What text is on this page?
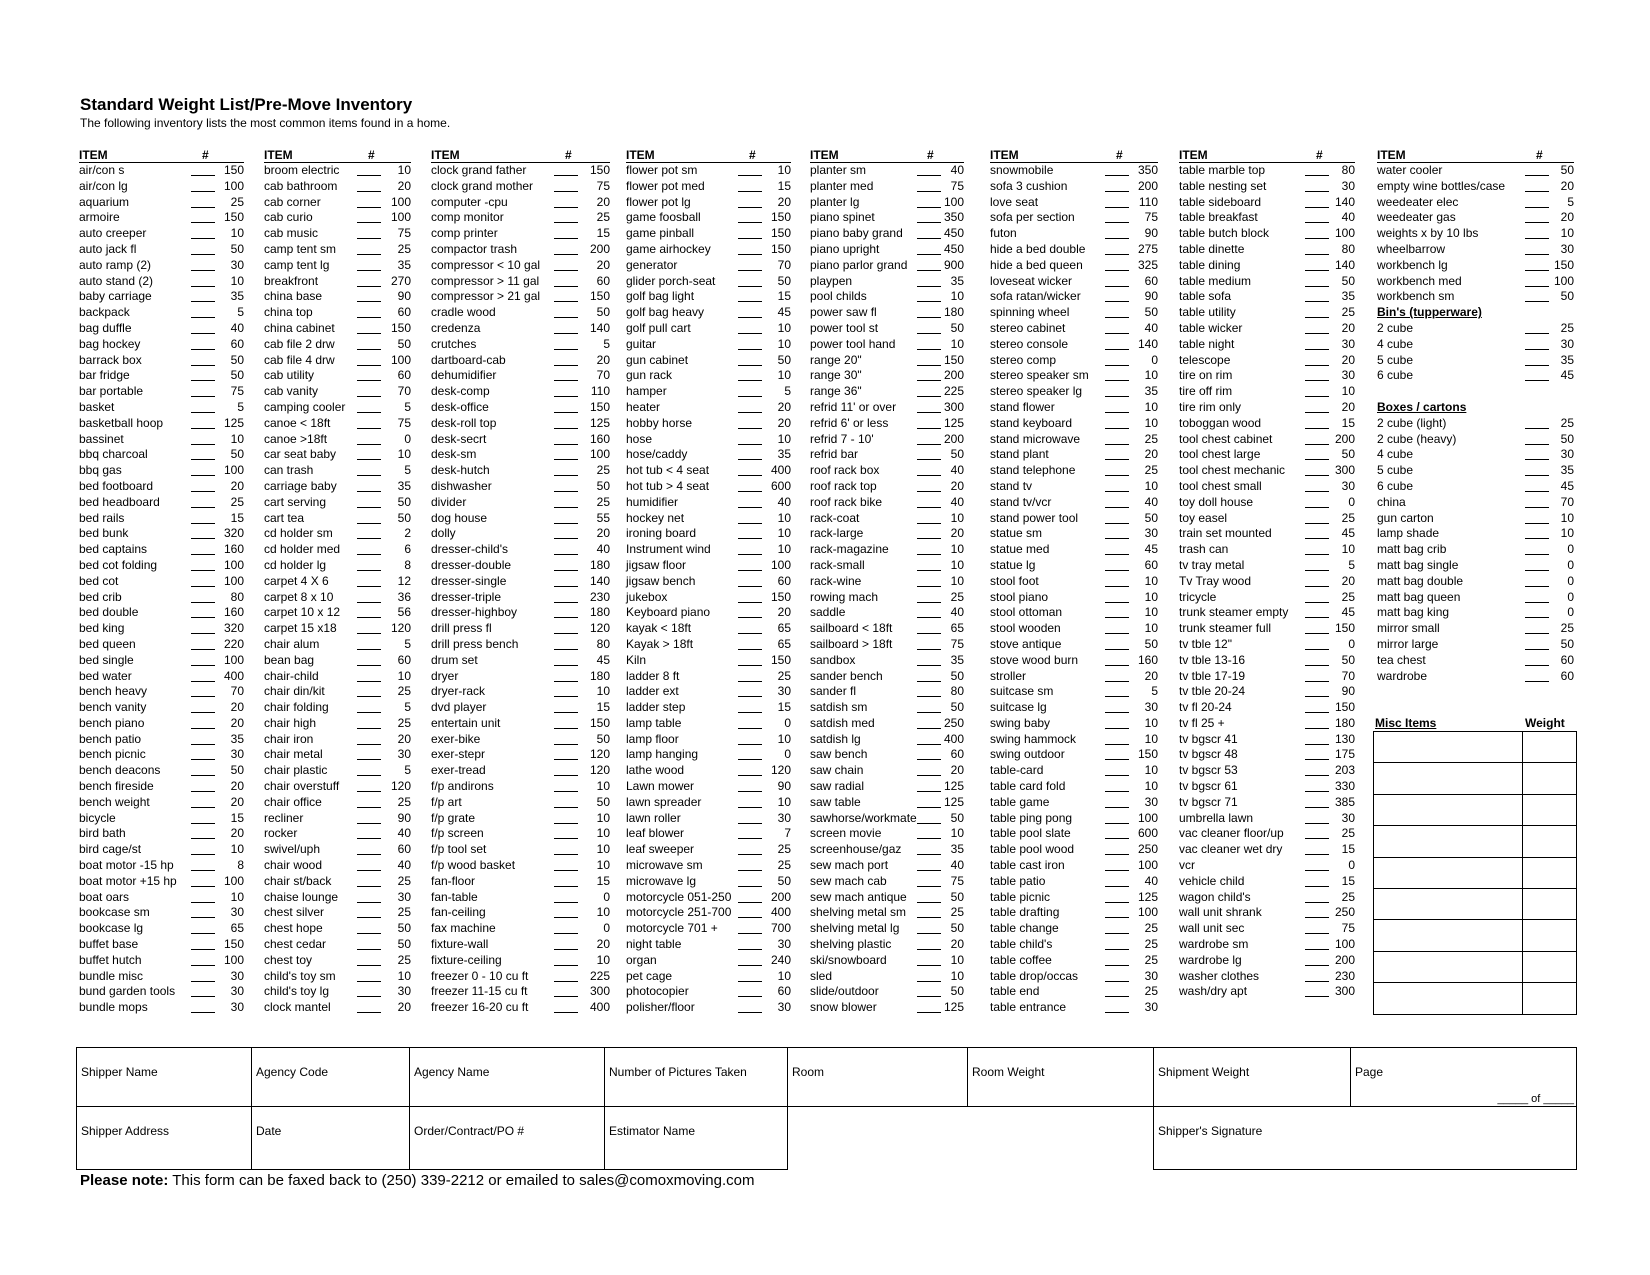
Standard Weight List/Pre-Move Inventory
The following inventory lists the most common items found in a home.
ITEM	#
air/con s	150
air/con lg	100
aquarium	25
armoire	150
auto creeper	10
auto jack fl	50
auto ramp (2)	30
auto stand (2)	10
baby carriage	35
backpack	5
bag duffle	40
bag hockey	60
barrack box	50
bar fridge	50
bar portable	75
basket	5
basketball hoop	125
bassinet	10
bbq charcoal	50
bbq gas	100
bed footboard	20
bed headboard	25
bed rails	15
bed bunk	320
bed captains	160
bed cot folding	100
bed cot	100
bed crib	80
bed double	160
bed king	320
bed queen	220
bed single	100
bed water	400
bench heavy	70
bench vanity	20
bench piano	20
bench patio	35
bench picnic	30
bench deacons	50
bench fireside	20
bench weight	20
bicycle	15
bird bath	20
bird cage/st	10
boat motor -15 hp	8
boat motor +15 hp	100
boat oars	10
bookcase sm	30
bookcase lg	65
buffet base	150
buffet hutch	100
bundle misc	30
bund garden tools	30
bundle mops	30
ITEM	#
broom electric	10
cab bathroom	20
cab corner	100
cab curio	100
cab music	75
camp tent sm	25
camp tent lg	35
breakfront	270
china base	90
china top	60
china cabinet	150
cab file 2 drw	50
cab file 4 drw	100
cab utility	60
cab vanity	70
camping cooler	5
canoe < 18ft	75
canoe >18ft	0
car seat baby	10
can trash	5
carriage baby	35
cart serving	50
cart tea	50
cd holder sm	2
cd holder med	6
cd holder lg	8
carpet 4 X 6	12
carpet 8 x 10	36
carpet 10 x 12	56
carpet 15 x18	120
chair alum	5
bean bag	60
chair-child	10
chair din/kit	25
chair folding	5
chair high	25
chair iron	20
chair metal	30
chair plastic	5
chair overstuff	120
chair office	25
recliner	90
rocker	40
swivel/uph	60
chair wood	40
chair st/back	25
chaise lounge	30
chest silver	25
chest hope	50
chest cedar	50
chest toy	25
child's toy sm	10
child's toy lg	30
clock mantel	20
ITEM	#
clock grand father	150
clock grand mother	75
computer -cpu	20
comp monitor	25
comp printer	15
compactor trash	200
compressor < 10 gal	20
compressor > 11 gal	60
compressor > 21 gal	150
cradle wood	50
credenza	140
crutches	5
dartboard-cab	20
dehumidifier	70
desk-comp	110
desk-office	150
desk-roll top	125
desk-secrt	160
desk-sm	100
desk-hutch	25
dishwasher	50
divider	25
dog house	55
dolly	20
dresser-child's	40
dresser-double	180
dresser-single	140
dresser-triple	230
dresser-highboy	180
drill press fl	120
drill press bench	80
drum set	45
dryer	180
dryer-rack	10
dvd player	15
entertain unit	150
exer-bike	50
exer-stepr	120
exer-tread	120
f/p andirons	10
f/p art	50
f/p grate	10
f/p screen	10
f/p tool set	10
f/p wood basket	10
fan-floor	15
fan-table	0
fan-ceiling	10
fax machine	0
fixture-wall	20
fixture-ceiling	10
freezer 0 - 10 cu ft	225
freezer 11-15 cu ft	300
freezer 16-20 cu ft	400
ITEM	#
flower pot sm	10
flower pot med	15
flower pot lg	20
game foosball	150
game pinball	150
game airhockey	150
generator	70
glider porch-seat	50
golf bag light	15
golf bag heavy	45
golf pull cart	10
guitar	10
gun cabinet	50
gun rack	10
hamper	5
heater	20
hobby horse	20
hose	10
hose/caddy	35
hot tub < 4 seat	400
hot tub > 4 seat	600
humidifier	40
hockey net	10
ironing board	10
Instrument wind	10
jigsaw floor	100
jigsaw bench	60
jukebox	150
Keyboard piano	20
kayak < 18ft	65
Kayak > 18ft	65
Kiln	150
ladder 8 ft	25
ladder ext	30
ladder step	15
lamp table	0
lamp floor	10
lamp hanging	0
lathe wood	120
Lawn mower	90
lawn spreader	10
lawn roller	30
leaf blower	7
leaf sweeper	25
microwave sm	25
microwave lg	50
motorcycle 051-250	200
motorcycle 251-700	400
motorcycle 701 +	700
night table	30
organ	240
pet cage	10
photocopier	60
polisher/floor	30
ITEM	#
planter sm	40
planter med	75
planter lg	100
piano spinet	350
piano baby grand	450
piano upright	450
piano parlor grand	900
playpen	35
pool childs	10
power saw fl	180
power tool st	50
power tool hand	10
range 20"	150
range 30"	200
range 36"	225
refrid 11' or over	300
refrid 6' or less	125
refrid 7 - 10'	200
refrid bar	50
roof rack box	40
roof rack top	20
roof rack bike	40
rack-coat	10
rack-large	20
rack-magazine	10
rack-small	10
rack-wine	10
rowing mach	25
saddle	40
sailboard < 18ft	65
sailboard > 18ft	75
sandbox	35
sander bench	50
sander fl	80
satdish sm	50
satdish med	250
satdish lg	400
saw bench	60
saw chain	20
saw radial	125
saw table	125
sawhorse/workmate	50
screen movie	10
screenhouse/gaz	35
sew mach port	40
sew mach cab	75
sew mach antique	50
shelving metal sm	25
shelving metal lg	50
shelving plastic	20
ski/snowboard	10
sled	10
slide/outdoor	50
snow blower	125
ITEM	#
snowmobile	350
sofa 3 cushion	200
love seat	110
sofa per section	75
futon	90
hide a bed double	275
hide a bed queen	325
loveseat wicker	60
sofa ratan/wicker	90
spinning wheel	50
stereo cabinet	40
stereo console	140
stereo comp	0
stereo speaker sm	10
stereo speaker lg	35
stand flower	10
stand keyboard	10
stand microwave	25
stand plant	20
stand telephone	25
stand tv	10
stand tv/vcr	40
stand power tool	50
statue sm	30
statue med	45
statue lg	60
stool foot	10
stool piano	10
stool ottoman	10
stool wooden	10
stove antique	50
stove wood burn	160
stroller	20
suitcase sm	5
suitcase lg	30
swing baby	10
swing hammock	10
swing outdoor	150
table-card	10
table card fold	10
table game	30
table ping pong	100
table pool slate	600
table pool wood	250
table cast iron	100
table patio	40
table picnic	125
table drafting	100
table change	25
table child's	25
table coffee	25
table drop/occas	30
table end	25
table entrance	30
ITEM	#
table marble top	80
table nesting set	30
table sideboard	140
table breakfast	40
table butch block	100
table dinette	80
table dining	140
table medium	50
table sofa	35
table utility	25
table wicker	20
table night	30
telescope	20
tire on rim	30
tire off rim	10
tire rim only	20
toboggan wood	15
tool chest cabinet	200
tool chest large	50
tool chest mechanic	300
tool chest small	30
toy doll house	0
toy easel	25
train set mounted	45
trash can	10
tv tray metal	5
Tv Tray wood	20
tricycle	25
trunk steamer empty	45
trunk steamer full	150
tv tble 12"	0
tv tble 13-16	50
tv tble 17-19	70
tv tble 20-24	90
tv fl 20-24	150
tv fl 25 +	180
tv bgscr 41	130
tv bgscr 48	175
tv bgscr 53	203
tv bgscr 61	330
tv bgscr 71	385
umbrella lawn	30
vac cleaner floor/up	25
vac cleaner wet dry	15
vcr	0
vehicle child	15
wagon child's	25
wall unit shrank	250
wall unit sec	75
wardrobe sm	100
wardrobe lg	200
washer clothes	230
wash/dry apt	300
ITEM	#
water cooler	50
empty wine bottles/case	20
weedeater elec	5
weedeater gas	20
weights x by 10 lbs	10
wheelbarrow	30
workbench lg	150
workbench med	100
workbench sm	50
Bin's (tupperware)
2 cube	25
4 cube	30
5 cube	35
6 cube	45
Boxes / cartons
2 cube (light)	25
2 cube (heavy)	50
4 cube	30
5 cube	35
6 cube	45
china	70
gun carton	10
lamp shade	10
matt bag crib	0
matt bag single	0
matt bag double	0
matt bag queen	0
matt bag king	0
mirror small	25
mirror large	50
tea chest	60
wardrobe	60
Misc Items	Weight

Shipper Name	Agency Code	Agency Name	Number of Pictures Taken	Room	Room Weight	Shipment Weight	Page
_____ of _____
Shipper Address	Date	Order/Contract/PO #	Estimator Name	Shipper's Signature
Please note: This form can be faxed back to (250) 339-2212 or emailed to sales@comoxmoving.com
